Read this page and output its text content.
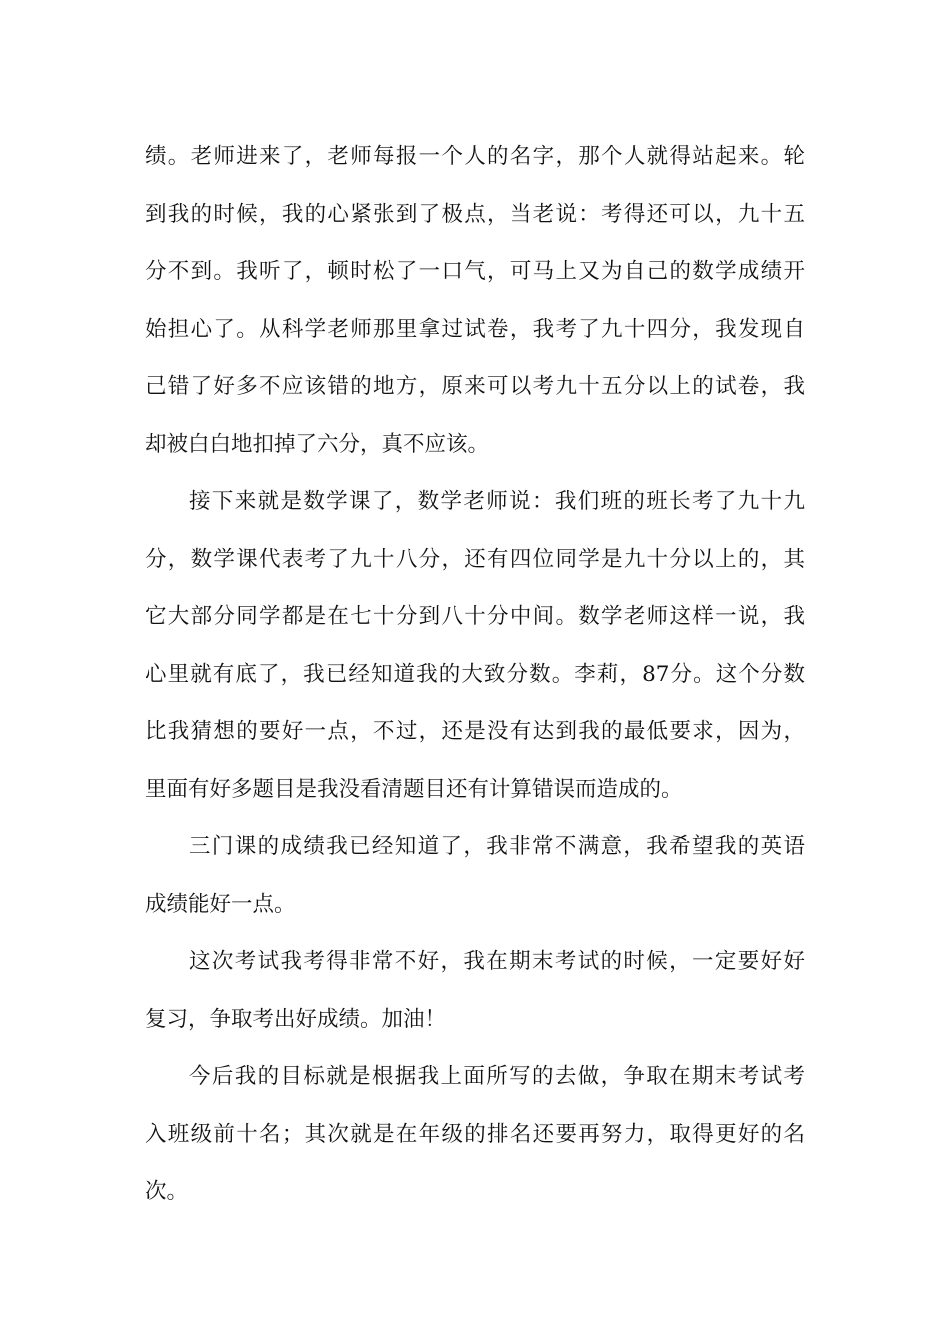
绩。老师进来了，老师每报一个人的名字，那个人就得站起来。轮
到我的时候，我的心紧张到了极点，当老说：考得还可以，九十五
分不到。我听了，顿时松了一口气，可马上又为自己的数学成绩开
始担心了。从科学老师那里拿过试卷，我考了九十四分，我发现自
己错了好多不应该错的地方，原来可以考九十五分以上的试卷，我
却被白白地扣掉了六分，真不应该。
接下来就是数学课了，数学老师说：我们班的班长考了九十九
分，数学课代表考了九十八分，还有四位同学是九十分以上的，其
它大部分同学都是在七十分到八十分中间。数学老师这样一说，我
心里就有底了，我已经知道我的大致分数。李莉，87分。这个分数
比我猜想的要好一点，不过，还是没有达到我的最低要求，因为，
里面有好多题目是我没看清题目还有计算错误而造成的。
三门课的成绩我已经知道了，我非常不满意，我希望我的英语
成绩能好一点。
这次考试我考得非常不好，我在期末考试的时候，一定要好好
复习，争取考出好成绩。加油！
今后我的目标就是根据我上面所写的去做，争取在期末考试考
入班级前十名；其次就是在年级的排名还要再努力，取得更好的名
次。
